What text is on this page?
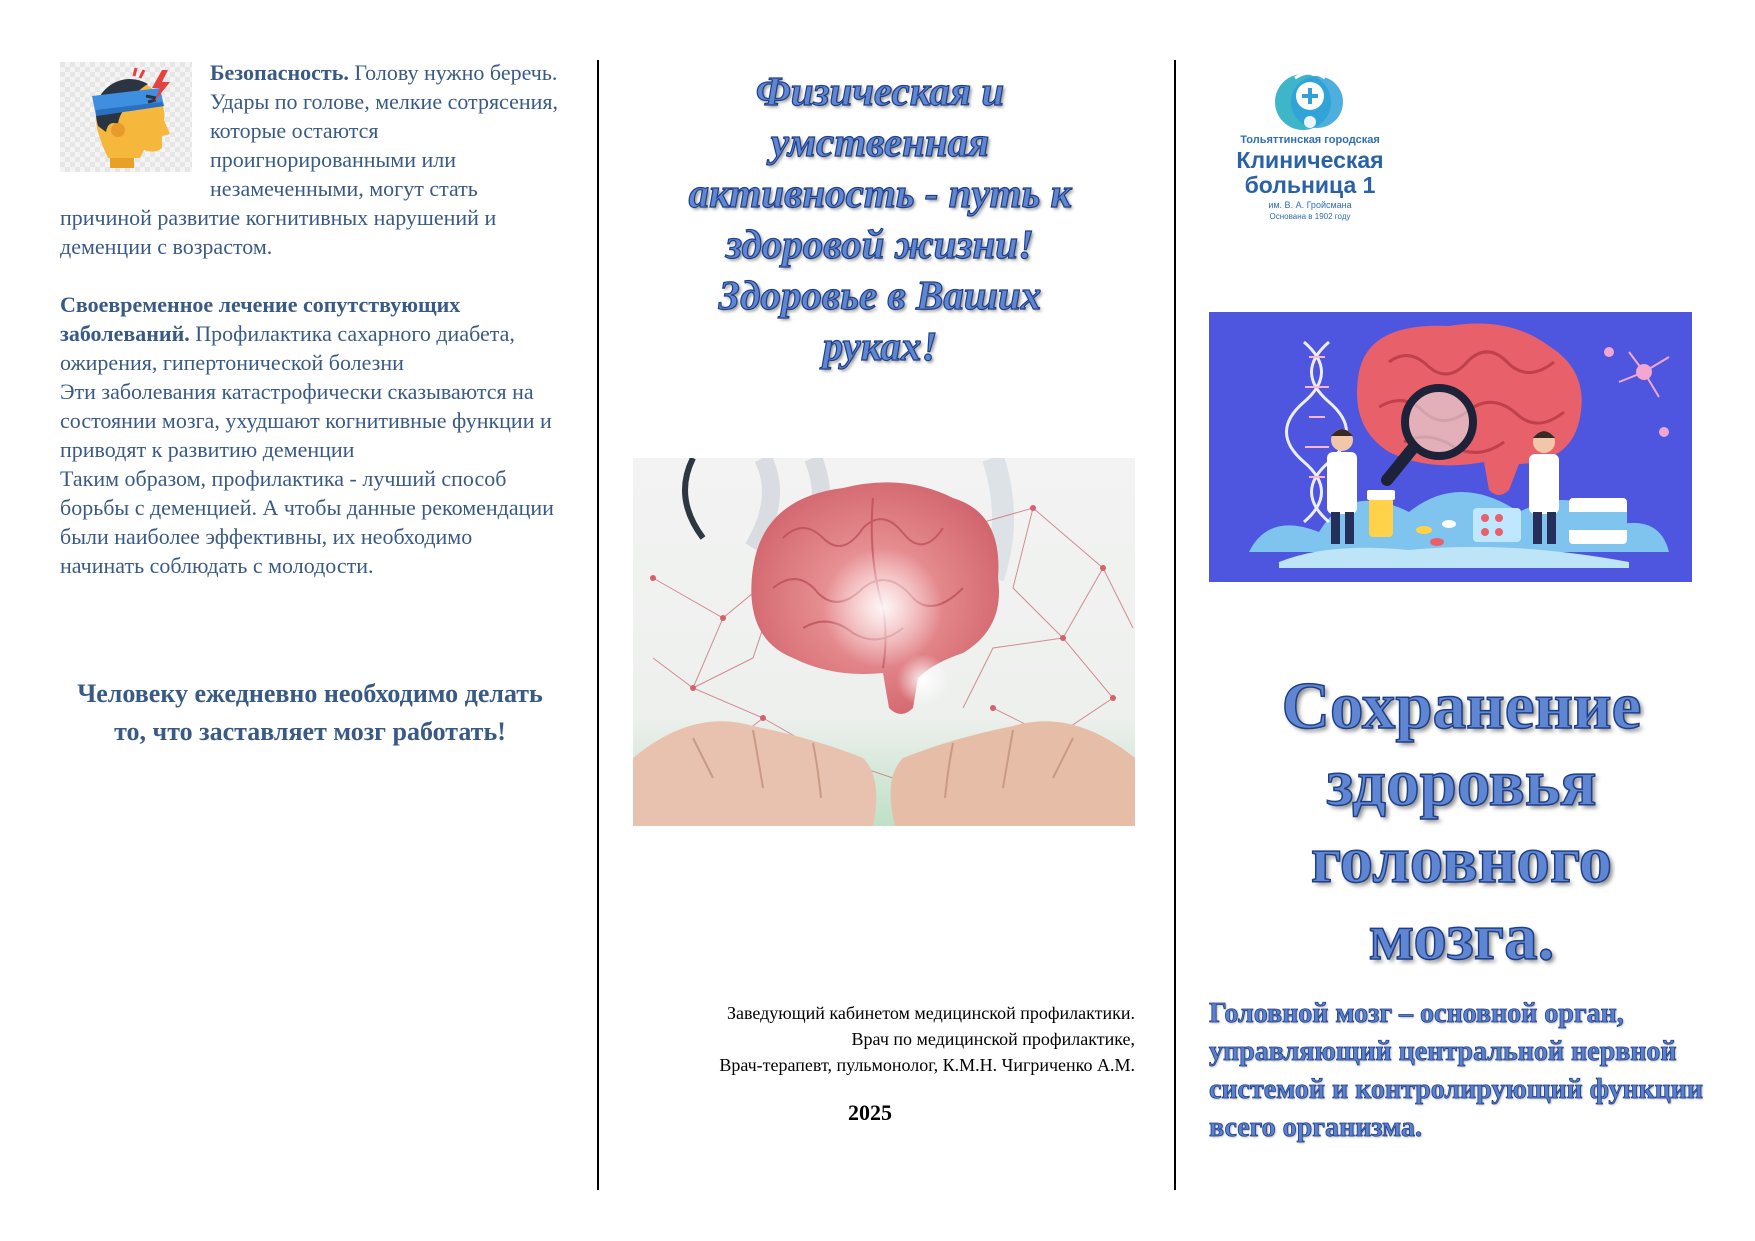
Безопасность. Голову нужно беречь. Удары по голове, мелкие сотрясения, которые остаются проигнорированными или незамеченными, могут стать причиной развитие когнитивных нарушений и деменции с возрастом.

Своевременное лечение сопутствующих заболеваний. Профилактика сахарного диабета, ожирения, гипертонической болезни

Эти заболевания катастрофически сказываются на состоянии мозга, ухудшают когнитивные функции и приводят к развитию деменции

Таким образом, профилактика - лучший способ борьбы с деменцией. А чтобы данные рекомендации были наиболее эффективны, их необходимо начинать соблюдать с молодости.

Человеку ежедневно необходимо делать то, что заставляет мозг работать!
Физическая и
умственная
активность - путь к
здоровой жизни!
Здоровье в Ваших
руках!
Заведующий кабинетом медицинской профилактики.
Врач по медицинской профилактике,
Врач-терапевт, пульмонолог, К.М.Н. Чигриченко А.М.
2025
Тольяттинская городская
Клиническая
больница 1
им. В. А. Гройсмана
Основана в 1902 году
Сохранение
здоровья
головного
мозга.
Головной мозг – основной орган, управляющий центральной нервной системой и контролирующий функции всего организма.
